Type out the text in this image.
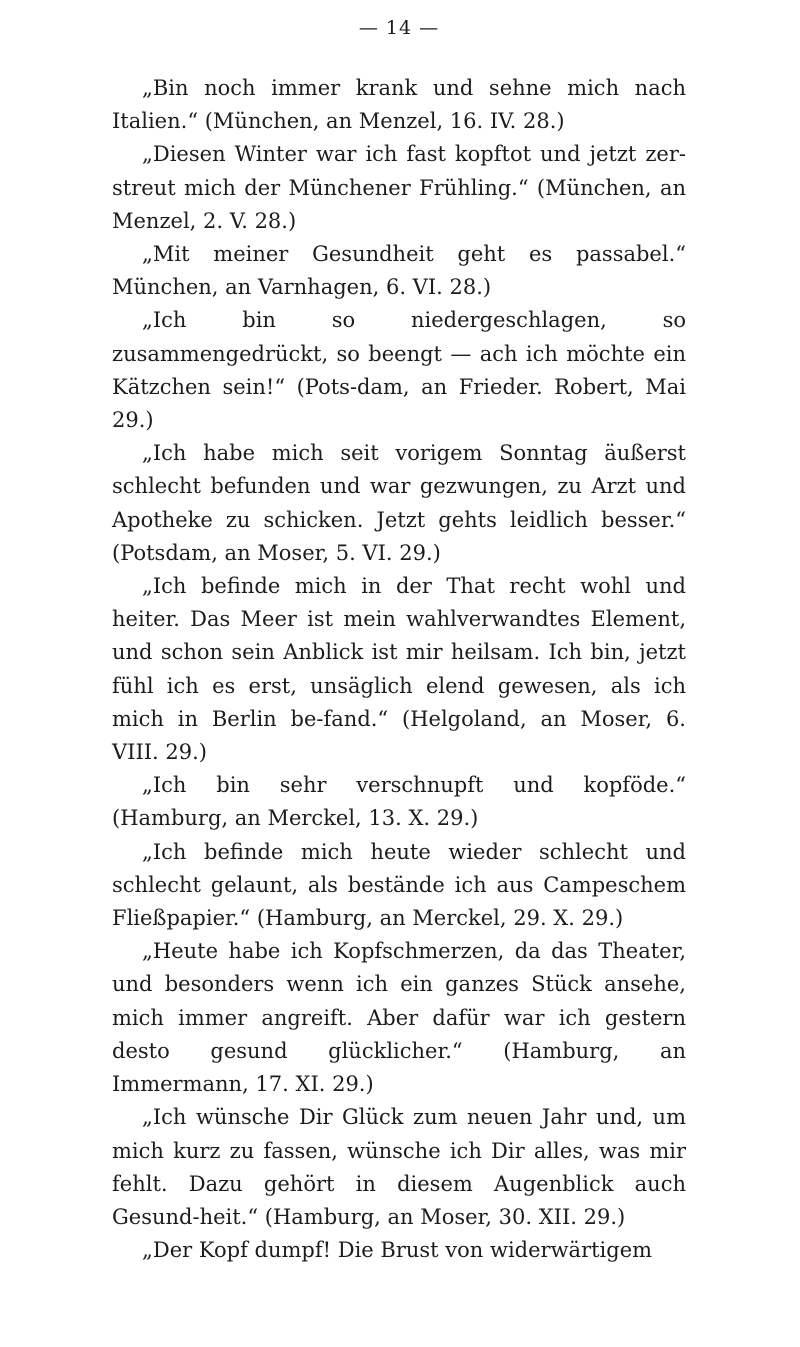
— 14 —

„Bin noch immer krank und sehne mich nach Italien.“ (München, an Menzel, 16. IV. 28.)

„Diesen Winter war ich fast kopftot und jetzt zer-streut mich der Münchener Frühling.“ (München, an Menzel, 2. V. 28.)

„Mit meiner Gesundheit geht es passabel.“ München, an Varnhagen, 6. VI. 28.)

„Ich bin so niedergeschlagen, so zusammengedrückt, so beengt — ach ich möchte ein Kätzchen sein!“ (Pots-dam, an Frieder. Robert, Mai 29.)

„Ich habe mich seit vorigem Sonntag äußerst schlecht befunden und war gezwungen, zu Arzt und Apotheke zu schicken. Jetzt gehts leidlich besser.“ (Potsdam, an Moser, 5. VI. 29.)

„Ich befinde mich in der That recht wohl und heiter. Das Meer ist mein wahlverwandtes Element, und schon sein Anblick ist mir heilsam. Ich bin, jetzt fühl ich es erst, unsäglich elend gewesen, als ich mich in Berlin be-fand.“ (Helgoland, an Moser, 6. VIII. 29.)

„Ich bin sehr verschnupft und kopföde.“ (Hamburg, an Merckel, 13. X. 29.)

„Ich befinde mich heute wieder schlecht und schlecht gelaunt, als bestände ich aus Campeschem Fließpapier.“ (Hamburg, an Merckel, 29. X. 29.)

„Heute habe ich Kopfschmerzen, da das Theater, und besonders wenn ich ein ganzes Stück ansehe, mich immer angreift. Aber dafür war ich gestern desto gesund glücklicher.“ (Hamburg, an Immermann, 17. XI. 29.)

„Ich wünsche Dir Glück zum neuen Jahr und, um mich kurz zu fassen, wünsche ich Dir alles, was mir fehlt. Dazu gehört in diesem Augenblick auch Gesund-heit.“ (Hamburg, an Moser, 30. XII. 29.)

„Der Kopf dumpf! Die Brust von widerwärtigem
